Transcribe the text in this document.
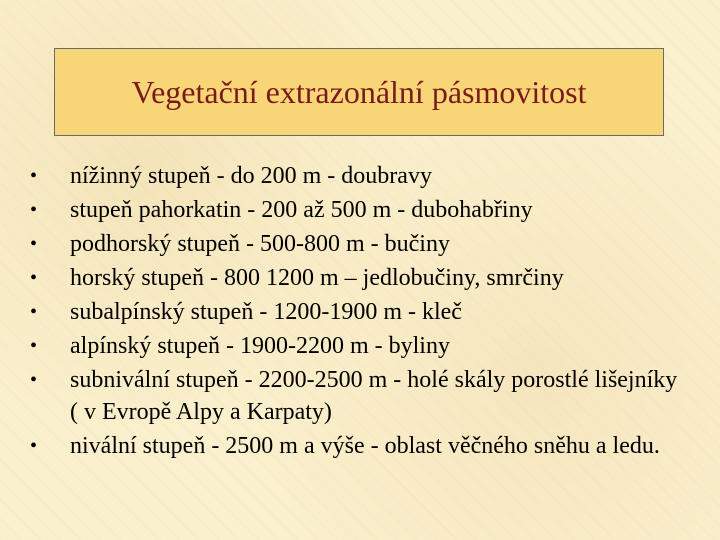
Vegetační extrazonální pásmovitost
• nížinný stupeň - do 200 m - doubravy
• stupeň pahorkatin - 200 až 500 m - dubohabřiny
• podhorský stupeň - 500-800 m - bučiny
• horský stupeň - 800 1200 m – jedlobučiny, smrčiny
• subalpínský stupeň - 1200-1900 m - kleč
• alpínský stupeň - 1900-2200 m - byliny
• subnivální stupeň - 2200-2500 m - holé skály porostlé lišejníky ( v Evropě Alpy a Karpaty)
• nivální stupeň - 2500 m a výše - oblast věčného sněhu a ledu.
